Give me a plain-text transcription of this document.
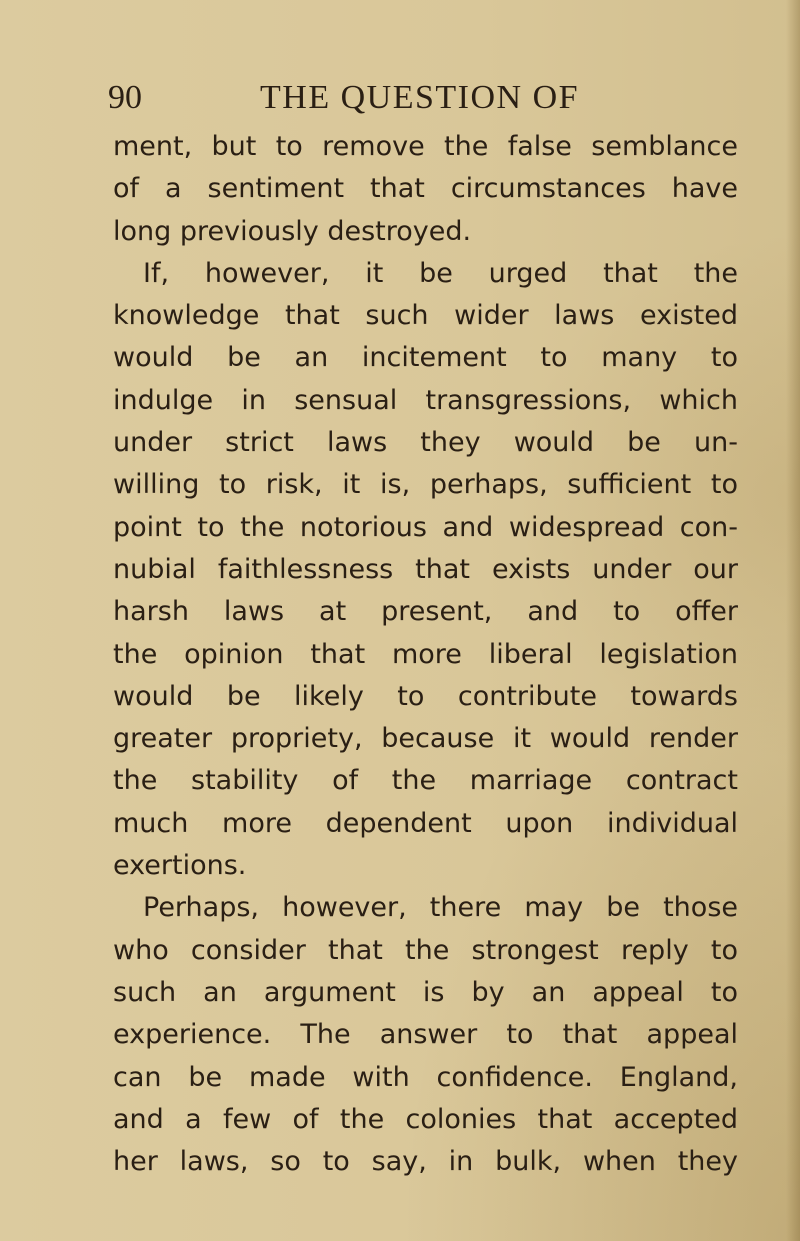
90	THE QUESTION OF
ment, but to remove the false semblance
of a sentiment that circumstances have
long previously destroyed.
If, however, it be urged that the
knowledge that such wider laws existed
would be an incitement to many to
indulge in sensual transgressions, which
under strict laws they would be un-
willing to risk, it is, perhaps, sufficient to
point to the notorious and widespread con-
nubial faithlessness that exists under our
harsh laws at present, and to offer
the opinion that more liberal legislation
would be likely to contribute towards
greater propriety, because it would render
the stability of the marriage contract
much more dependent upon individual
exertions.
Perhaps, however, there may be those
who consider that the strongest reply to
such an argument is by an appeal to
experience. The answer to that appeal
can be made with confidence. England,
and a few of the colonies that accepted
her laws, so to say, in bulk, when they
